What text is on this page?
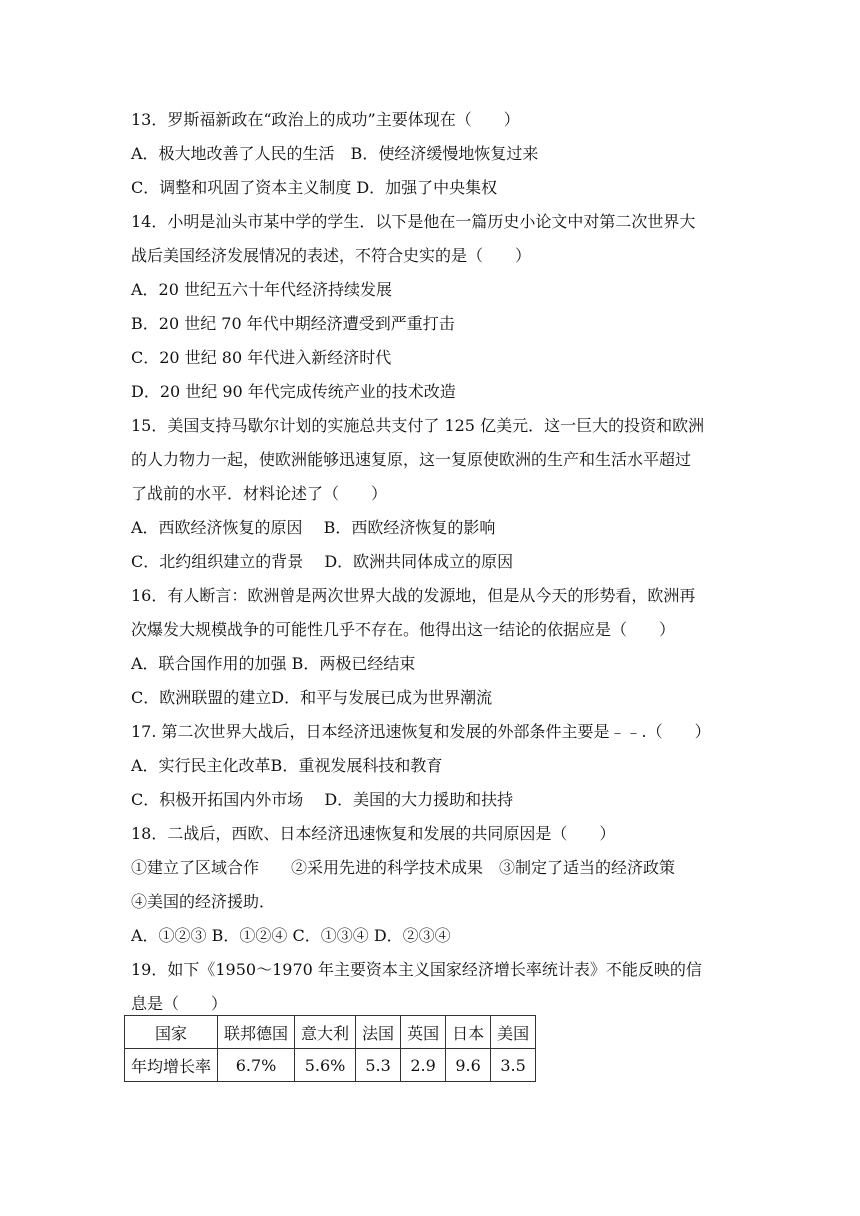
13．罗斯福新政在“政治上的成功”主要体现在（　　）
A．极大地改善了人民的生活　B．使经济缓慢地恢复过来
C．调整和巩固了资本主义制度 D．加强了中央集权
14．小明是汕头市某中学的学生．以下是他在一篇历史小论文中对第二次世界大
战后美国经济发展情况的表述，不符合史实的是（　　）
A．20 世纪五六十年代经济持续发展
B．20 世纪 70 年代中期经济遭受到严重打击
C．20 世纪 80 年代进入新经济时代
D．20 世纪 90 年代完成传统产业的技术改造
15．美国支持马歇尔计划的实施总共支付了 125 亿美元．这一巨大的投资和欧洲
的人力物力一起，使欧洲能够迅速复原，这一复原使欧洲的生产和生活水平超过
了战前的水平．材料论述了（　　）
A．西欧经济恢复的原因　 B．西欧经济恢复的影响
C．北约组织建立的背景　 D．欧洲共同体成立的原因
16．有人断言：欧洲曾是两次世界大战的发源地，但是从今天的形势看，欧洲再
次爆发大规模战争的可能性几乎不存在。他得出这一结论的依据应是（　　）
A．联合国作用的加强 B．两极已经结束
C．欧洲联盟的建立D．和平与发展已成为世界潮流
17. 第二次世界大战后，日本经济迅速恢复和发展的外部条件主要是﹣﹣.（　　）
A．实行民主化改革B．重视发展科技和教育
C．积极开拓国内外市场　 D．美国的大力援助和扶持
18．二战后，西欧、日本经济迅速恢复和发展的共同原因是（　　）
①建立了区域合作　　②采用先进的科学技术成果　③制定了适当的经济政策
④美国的经济援助．
A．①②③ B．①②④ C．①③④ D．②③④
19．如下《1950～1970 年主要资本主义国家经济增长率统计表》不能反映的信
息是（　　）
国家	联邦德国	意大利	法国	英国	日本	美国
年均增长率	6.7%	5.6%	5.3	2.9	9.6	3.5
